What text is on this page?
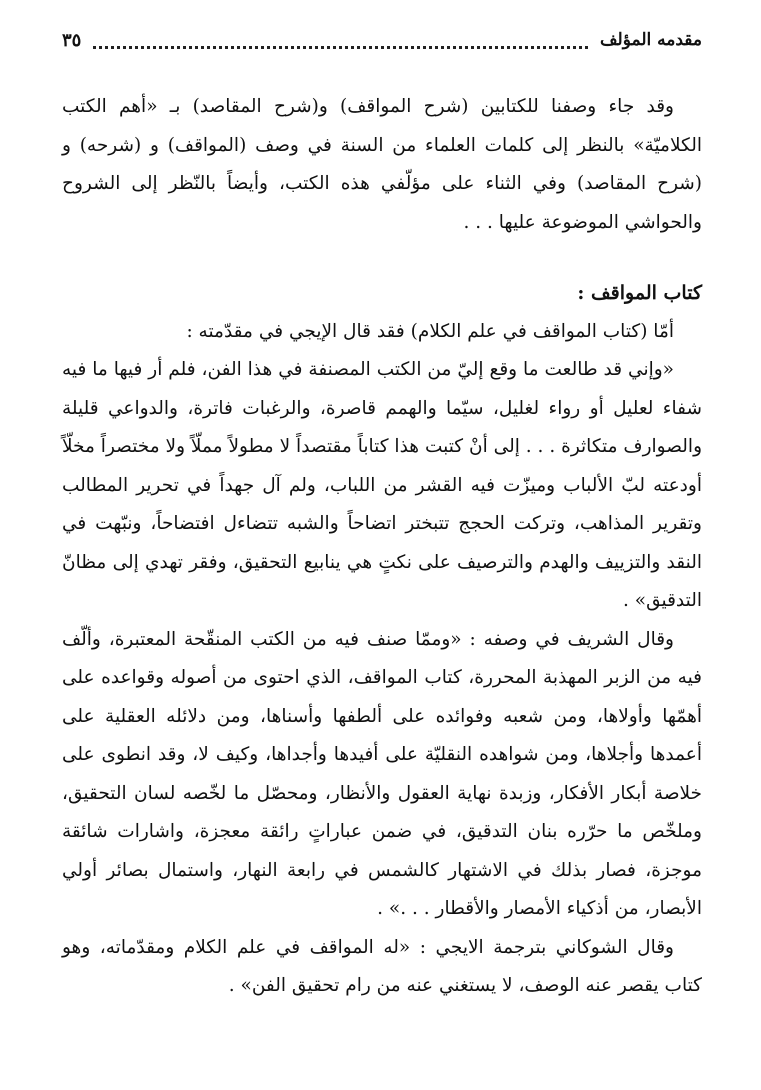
مقدمه المؤلف
٣٥

وقد جاء وصفنا للكتابين (شرح المواقف) و(شرح المقاصد) بـ «أهم الكتب الكلاميّة» بالنظر إلى كلمات العلماء من السنة في وصف (المواقف) و (شرحه) و (شرح المقاصد) وفي الثناء على مؤلّفي هذه الكتب، وأيضاً بالنّظر إلى الشروح والحواشي الموضوعة عليها . . .

كتاب المواقف :

أمّا (كتاب المواقف في علم الكلام) فقد قال الإيجي في مقدّمته :

«وإني قد طالعت ما وقع إليّ من الكتب المصنفة في هذا الفن، فلم أر فيها ما فيه شفاء لعليل أو رواء لغليل، سيّما والهمم قاصرة، والرغبات فاترة، والدواعي قليلة والصوارف متكاثرة . . . إلى أنْ كتبت هذا كتاباً مقتصداً لا مطولاً مملّاً ولا مختصراً مخلّاً أودعته لبّ الألباب وميزّت فيه القشر من اللباب، ولم آل جهداً في تحرير المطالب وتقرير المذاهب، وتركت الحجج تتبختر اتضاحاً والشبه تتضاءل افتضاحاً، ونبّهت في النقد والتزييف والهدم والترصيف على نكتٍ هي ينابيع التحقيق، وفقر تهدي إلى مظانّ التدقيق» .

وقال الشريف في وصفه : «وممّا صنف فيه من الكتب المنقّحة المعتبرة، وألّف فيه من الزبر المهذبة المحررة، كتاب المواقف، الذي احتوى من أصوله وقواعده على أهمّها وأولاها، ومن شعبه وفوائده على ألطفها وأسناها، ومن دلائله العقلية على أعمدها وأجلاها، ومن شواهده النقليّة على أفيدها وأجداها، وكيف لا، وقد انطوى على خلاصة أبكار الأفكار، وزبدة نهاية العقول والأنظار، ومحصّل ما لخّصه لسان التحقيق، وملخّص ما حرّره بنان التدقيق، في ضمن عباراتٍ رائقة معجزة، واشارات شائقة موجزة، فصار بذلك في الاشتهار كالشمس في رابعة النهار، واستمال بصائر أولي الأبصار، من أذكياء الأمصار والأقطار . . .» .

وقال الشوكاني بترجمة الايجي : «له المواقف في علم الكلام ومقدّماته، وهو كتاب يقصر عنه الوصف، لا يستغني عنه من رام تحقيق الفن» .
